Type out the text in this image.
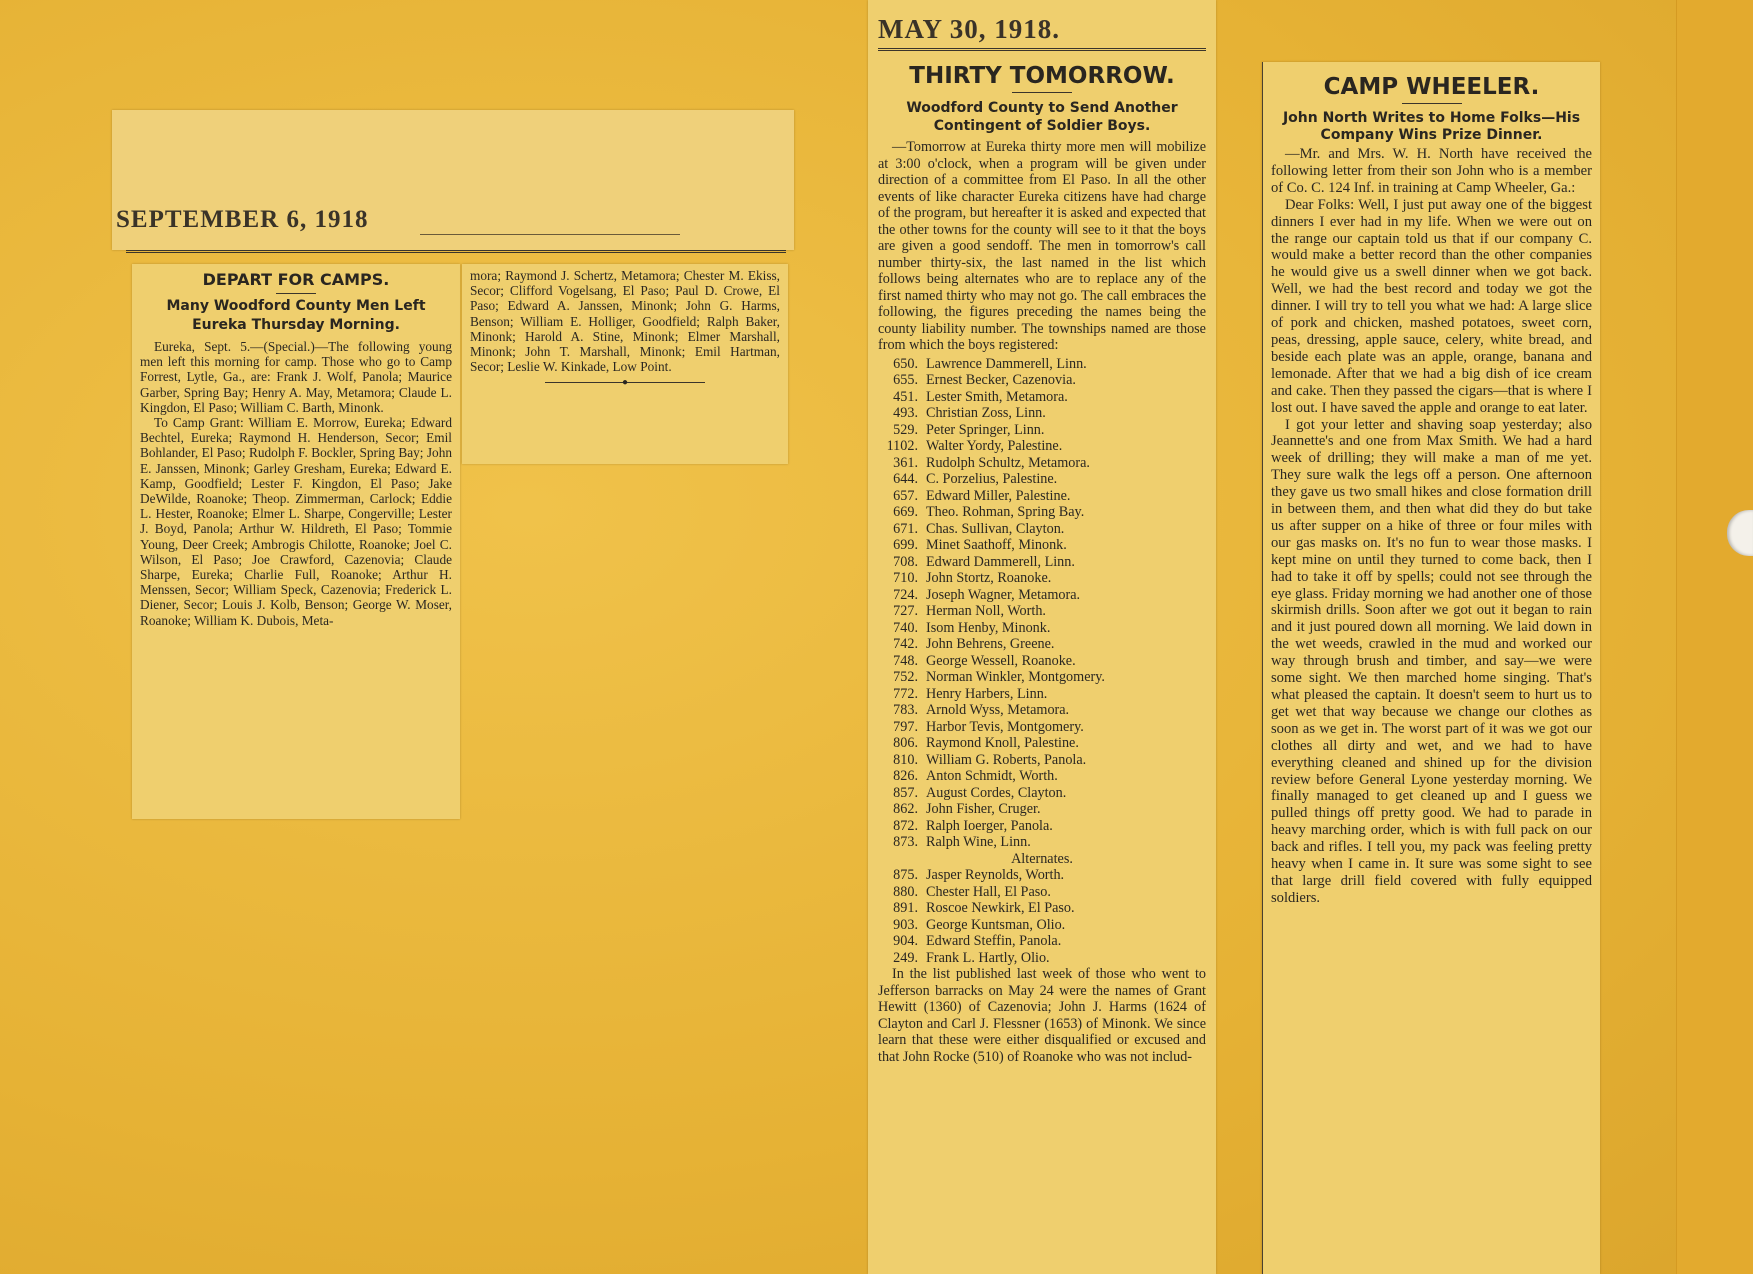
SEPTEMBER 6, 1918
DEPART FOR CAMPS.
Many Woodford County Men Left Eureka Thursday Morning.

Eureka, Sept. 5.—(Special.)—The following young men left this morning for camp. Those who go to Camp Forrest, Lytle, Ga., are: Frank J. Wolf, Panola; Maurice Garber, Spring Bay; Henry A. May, Metamora; Claude L. Kingdon, El Paso; William C. Barth, Minonk.

To Camp Grant: William E. Morrow, Eureka; Edward Bechtel, Eureka; Raymond H. Henderson, Secor; Emil Bohlander, El Paso; Rudolph F. Bockler, Spring Bay; John E. Janssen, Minonk; Garley Gresham, Eureka; Edward E. Kamp, Goodfield; Lester F. Kingdon, El Paso; Jake DeWilde, Roanoke; Theop. Zimmerman, Carlock; Eddie L. Hester, Roanoke; Elmer L. Sharpe, Congerville; Lester J. Boyd, Panola; Arthur W. Hildreth, El Paso; Tommie Young, Deer Creek; Ambrogis Chilotte, Roanoke; Joel C. Wilson, El Paso; Joe Crawford, Cazenovia; Claude Sharpe, Eureka; Charlie Full, Roanoke; Arthur H. Menssen, Secor; William Speck, Cazenovia; Frederick L. Diener, Secor; Louis J. Kolb, Benson; George W. Moser, Roanoke; William K. Dubois, Meta-

mora; Raymond J. Schertz, Metamora; Chester M. Ekiss, Secor; Clifford Vogelsang, El Paso; Paul D. Crowe, El Paso; Edward A. Janssen, Minonk; John G. Harms, Benson; William E. Holliger, Goodfield; Ralph Baker, Minonk; Harold A. Stine, Minonk; Elmer Marshall, Minonk; John T. Marshall, Minonk; Emil Hartman, Secor; Leslie W. Kinkade, Low Point.
●
MAY 30, 1918.
THIRTY TOMORROW.
Woodford County to Send Another Contingent of Soldier Boys.
—Tomorrow at Eureka thirty more men will mobilize at 3:00 o'clock, when a program will be given under direction of a committee from El Paso. In all the other events of like character Eureka citizens have had charge of the program, but hereafter it is asked and expected that the other towns for the county will see to it that the boys are given a good sendoff. The men in tomorrow's call number thirty-six, the last named in the list which follows being alternates who are to replace any of the first named thirty who may not go. The call embraces the following, the figures preceding the names being the county liability number. The townships named are those from which the boys registered:
650. Lawrence Dammerell, Linn.
655. Ernest Becker, Cazenovia.
451. Lester Smith, Metamora.
493. Christian Zoss, Linn.
529. Peter Springer, Linn.
1102. Walter Yordy, Palestine.
361. Rudolph Schultz, Metamora.
644. C. Porzelius, Palestine.
657. Edward Miller, Palestine.
669. Theo. Rohman, Spring Bay.
671. Chas. Sullivan, Clayton.
699. Minet Saathoff, Minonk.
708. Edward Dammerell, Linn.
710. John Stortz, Roanoke.
724. Joseph Wagner, Metamora.
727. Herman Noll, Worth.
740. Isom Henby, Minonk.
742. John Behrens, Greene.
748. George Wessell, Roanoke.
752. Norman Winkler, Montgomery.
772. Henry Harbers, Linn.
783. Arnold Wyss, Metamora.
797. Harbor Tevis, Montgomery.
806. Raymond Knoll, Palestine.
810. William G. Roberts, Panola.
826. Anton Schmidt, Worth.
857. August Cordes, Clayton.
862. John Fisher, Cruger.
872. Ralph Ioerger, Panola.
873. Ralph Wine, Linn.
Alternates.
875. Jasper Reynolds, Worth.
880. Chester Hall, El Paso.
891. Roscoe Newkirk, El Paso.
903. George Kuntsman, Olio.
904. Edward Steffin, Panola.
249. Frank L. Hartly, Olio.
In the list published last week of those who went to Jefferson barracks on May 24 were the names of Grant Hewitt (1360) of Cazenovia; John J. Harms (1624 of Clayton and Carl J. Flessner (1653) of Minonk. We since learn that these were either disqualified or excused and that John Rocke (510) of Roanoke who was not includ-
CAMP WHEELER.
John North Writes to Home Folks—His Company Wins Prize Dinner.

—Mr. and Mrs. W. H. North have received the following letter from their son John who is a member of Co. C. 124 Inf. in training at Camp Wheeler, Ga.:

Dear Folks: Well, I just put away one of the biggest dinners I ever had in my life. When we were out on the range our captain told us that if our company C. would make a better record than the other companies he would give us a swell dinner when we got back. Well, we had the best record and today we got the dinner. I will try to tell you what we had: A large slice of pork and chicken, mashed potatoes, sweet corn, peas, dressing, apple sauce, celery, white bread, and beside each plate was an apple, orange, banana and lemonade. After that we had a big dish of ice cream and cake. Then they passed the cigars—that is where I lost out. I have saved the apple and orange to eat later.

I got your letter and shaving soap yesterday; also Jeannette's and one from Max Smith. We had a hard week of drilling; they will make a man of me yet. They sure walk the legs off a person. One afternoon they gave us two small hikes and close formation drill in between them, and then what did they do but take us after supper on a hike of three or four miles with our gas masks on. It's no fun to wear those masks. I kept mine on until they turned to come back, then I had to take it off by spells; could not see through the eye glass. Friday morning we had another one of those skirmish drills. Soon after we got out it began to rain and it just poured down all morning. We laid down in the wet weeds, crawled in the mud and worked our way through brush and timber, and say—we were some sight. We then marched home singing. That's what pleased the captain. It doesn't seem to hurt us to get wet that way because we change our clothes as soon as we get in. The worst part of it was we got our clothes all dirty and wet, and we had to have everything cleaned and shined up for the division review before General Lyone yesterday morning. We finally managed to get cleaned up and I guess we pulled things off pretty good. We had to parade in heavy marching order, which is with full pack on our back and rifles. I tell you, my pack was feeling pretty heavy when I came in. It sure was some sight to see that large drill field covered with fully equipped soldiers.
